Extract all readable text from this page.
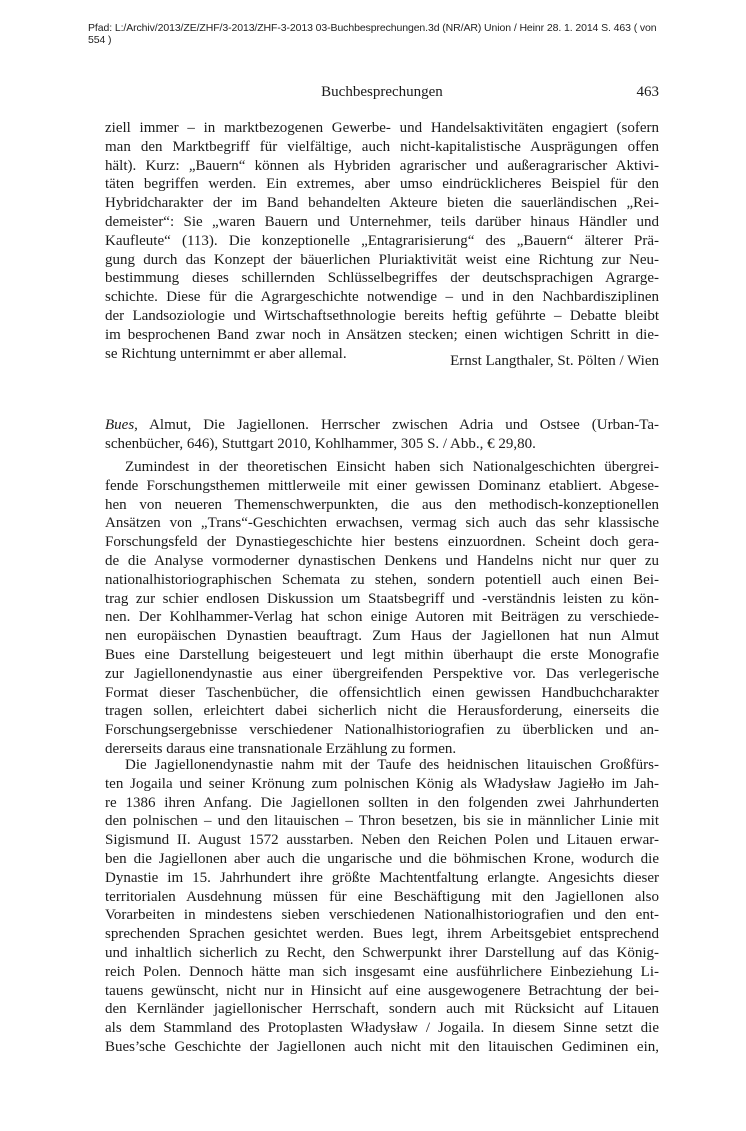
Pfad: L:/Archiv/2013/ZE/ZHF/3-2013/ZHF-3-2013 03-Buchbesprechungen.3d (NR/AR) Union / Heinr 28. 1. 2014 S. 463 ( von
554 )
Buchbesprechungen	463

ziell immer – in marktbezogenen Gewerbe- und Handelsaktivitäten engagiert (sofern
man den Marktbegriff für vielfältige, auch nicht-kapitalistische Ausprägungen offen
hält). Kurz: „Bauern“ können als Hybriden agrarischer und außeragrarischer Aktivi-
täten begriffen werden. Ein extremes, aber umso eindrücklicheres Beispiel für den
Hybridcharakter der im Band behandelten Akteure bieten die sauerländischen „Rei-
demeister“: Sie „waren Bauern und Unternehmer, teils darüber hinaus Händler und
Kaufleute“ (113). Die konzeptionelle „Entagrarisierung“ des „Bauern“ älterer Prä-
gung durch das Konzept der bäuerlichen Pluriaktivität weist eine Richtung zur Neu-
bestimmung dieses schillernden Schlüsselbegriffes der deutschsprachigen Agrarge-
schichte. Diese für die Agrargeschichte notwendige – und in den Nachbardisziplinen
der Landsoziologie und Wirtschaftsethnologie bereits heftig geführte – Debatte bleibt
im besprochenen Band zwar noch in Ansätzen stecken; einen wichtigen Schritt in die-
se Richtung unternimmt er aber allemal.	Ernst Langthaler, St. Pölten / Wien

Bues, Almut, Die Jagiellonen. Herrscher zwischen Adria und Ostsee (Urban-Ta-
schenbücher, 646), Stuttgart 2010, Kohlhammer, 305 S. / Abb., € 29,80.

Zumindest in der theoretischen Einsicht haben sich Nationalgeschichten übergrei-
fende Forschungsthemen mittlerweile mit einer gewissen Dominanz etabliert. Abgese-
hen von neueren Themenschwerpunkten, die aus den methodisch-konzeptionellen
Ansätzen von „Trans“-Geschichten erwachsen, vermag sich auch das sehr klassische
Forschungsfeld der Dynastiegeschichte hier bestens einzuordnen. Scheint doch gera-
de die Analyse vormoderner dynastischen Denkens und Handelns nicht nur quer zu
nationalhistoriographischen Schemata zu stehen, sondern potentiell auch einen Bei-
trag zur schier endlosen Diskussion um Staatsbegriff und -verständnis leisten zu kön-
nen. Der Kohlhammer-Verlag hat schon einige Autoren mit Beiträgen zu verschiede-
nen europäischen Dynastien beauftragt. Zum Haus der Jagiellonen hat nun Almut
Bues eine Darstellung beigesteuert und legt mithin überhaupt die erste Monografie
zur Jagiellonendynastie aus einer übergreifenden Perspektive vor. Das verlegerische
Format dieser Taschenbücher, die offensichtlich einen gewissen Handbuchcharakter
tragen sollen, erleichtert dabei sicherlich nicht die Herausforderung, einerseits die
Forschungsergebnisse verschiedener Nationalhistoriografien zu überblicken und an-
dererseits daraus eine transnationale Erzählung zu formen.

Die Jagiellonendynastie nahm mit der Taufe des heidnischen litauischen Großfürs-
ten Jogaila und seiner Krönung zum polnischen König als Władysław Jagiełło im Jah-
re 1386 ihren Anfang. Die Jagiellonen sollten in den folgenden zwei Jahrhunderten
den polnischen – und den litauischen – Thron besetzen, bis sie in männlicher Linie mit
Sigismund II. August 1572 ausstarben. Neben den Reichen Polen und Litauen erwar-
ben die Jagiellonen aber auch die ungarische und die böhmischen Krone, wodurch die
Dynastie im 15. Jahrhundert ihre größte Machtentfaltung erlangte. Angesichts dieser
territorialen Ausdehnung müssen für eine Beschäftigung mit den Jagiellonen also
Vorarbeiten in mindestens sieben verschiedenen Nationalhistoriografien und den ent-
sprechenden Sprachen gesichtet werden. Bues legt, ihrem Arbeitsgebiet entsprechend
und inhaltlich sicherlich zu Recht, den Schwerpunkt ihrer Darstellung auf das König-
reich Polen. Dennoch hätte man sich insgesamt eine ausführlichere Einbeziehung Li-
tauens gewünscht, nicht nur in Hinsicht auf eine ausgewogenere Betrachtung der bei-
den Kernländer jagiellonischer Herrschaft, sondern auch mit Rücksicht auf Litauen
als dem Stammland des Protoplasten Władysław / Jogaila. In diesem Sinne setzt die
Bues’sche Geschichte der Jagiellonen auch nicht mit den litauischen Gediminen ein,
